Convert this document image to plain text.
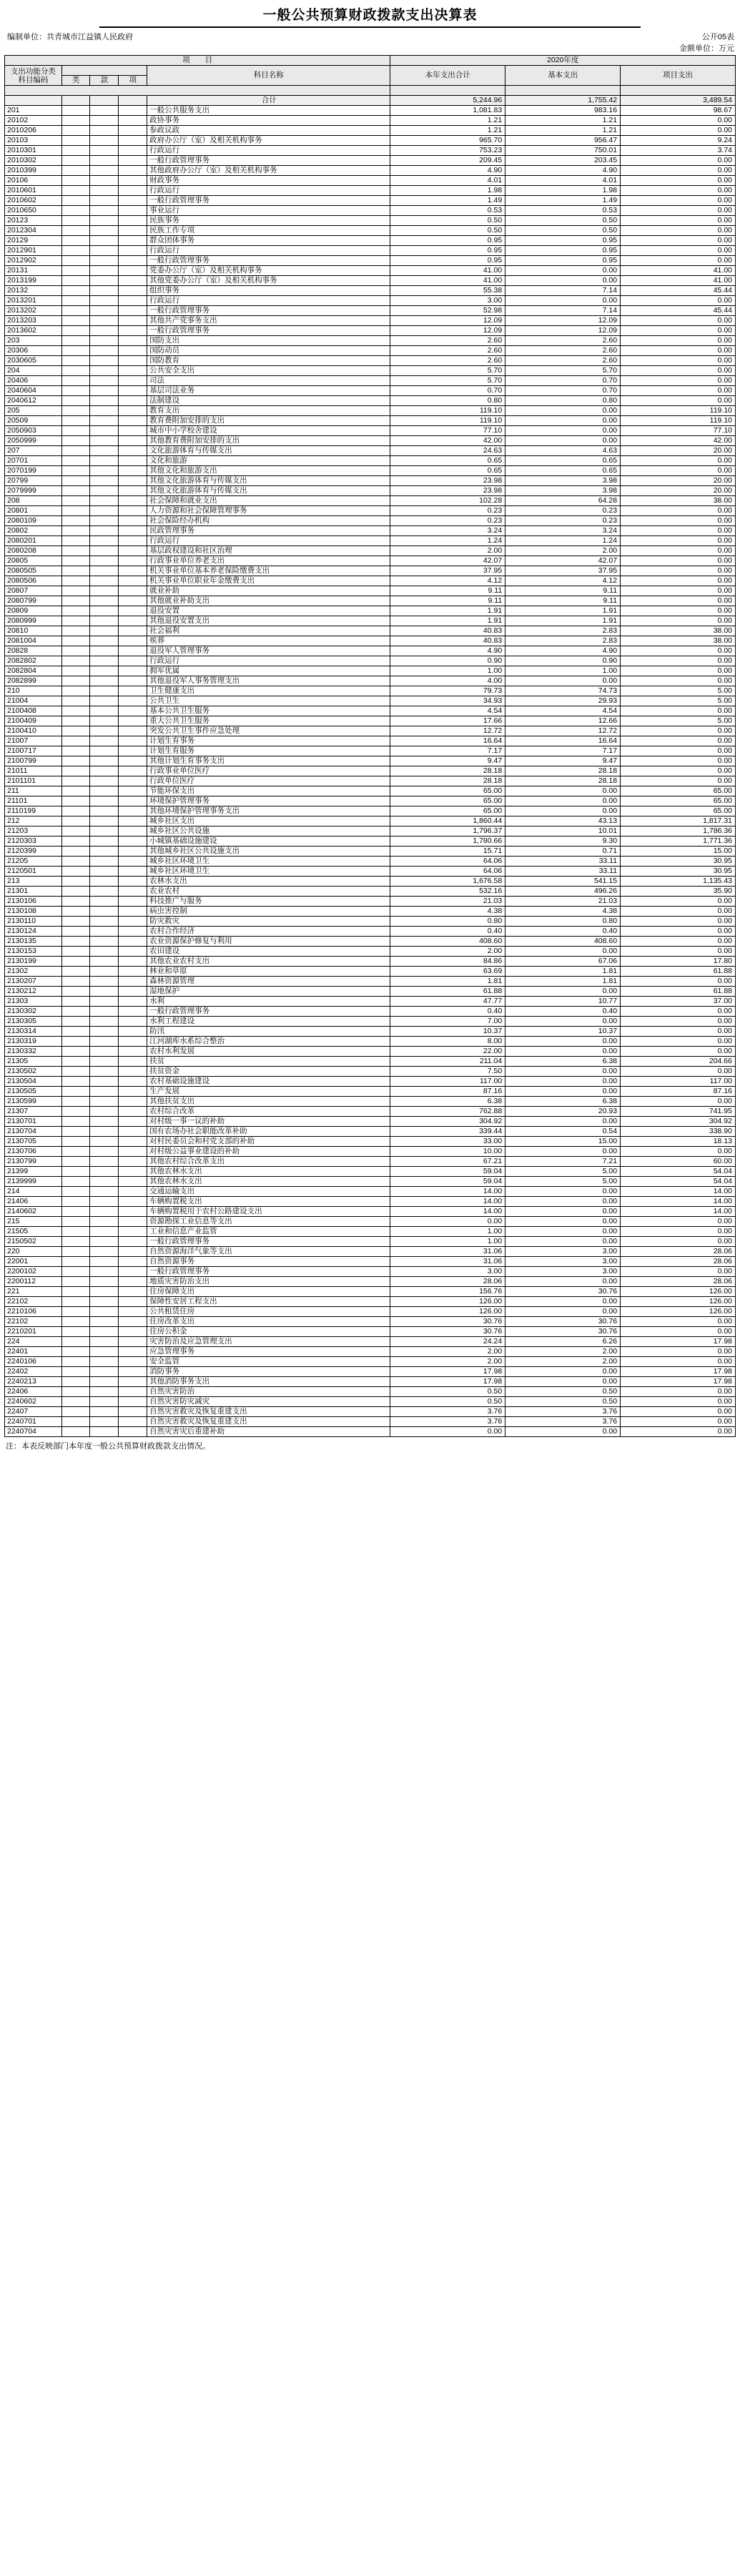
一般公共预算财政拨款支出决算表
编制单位：共青城市江益镇人民政府	公开05表
金额单位：万元
项　　目					2020年度		

支出功能分类
科目编码				科目名称	本年支出合计	基本支出	项目支出
	类	款	项				

				合计	5,244.96	1,755.42	3,489.54
201				一般公共服务支出	1,081.83	983.16	98.67
20102				政协事务	1.21	1.21	0.00
2010206				参政议政	1.21	1.21	0.00
20103				政府办公厅（室）及相关机构事务	965.70	956.47	9.24
2010301				行政运行	753.23	750.01	3.74
2010302				一般行政管理事务	209.45	203.45	0.00
2010399				其他政府办公厅（室）及相关机构事务	4.90	4.90	0.00
20106				财政事务	4.01	4.01	0.00
2010601				行政运行	1.98	1.98	0.00
2010602				一般行政管理事务	1.49	1.49	0.00
2010650				事业运行	0.53	0.53	0.00
20123				民族事务	0.50	0.50	0.00
2012304				民族工作专项	0.50	0.50	0.00
20129				群众团体事务	0.95	0.95	0.00
2012901				行政运行	0.95	0.95	0.00
2012902				一般行政管理事务	0.95	0.95	0.00
20131				党委办公厅（室）及相关机构事务	41.00	0.00	41.00
2013199				其他党委办公厅（室）及相关机构事务	41.00	0.00	41.00
20132				组织事务	55.38	7.14	45.44
2013201				行政运行	3.00	0.00	0.00
2013202				一般行政管理事务	52.98	7.14	45.44
2013203				其他共产党事务支出	12.09	12.09	0.00
2013602				一般行政管理事务	12.09	12.09	0.00
203				国防支出	2.60	2.60	0.00
20306				国防动员	2.60	2.60	0.00
2030605				国防教育	2.60	2.60	0.00
204				公共安全支出	5.70	5.70	0.00
20406				司法	5.70	0.70	0.00
2040604				基层司法业务	0.70	0.70	0.00
2040612				法制建设	0.80	0.80	0.00
205				教育支出	119.10	0.00	119.10
20509				教育费附加安排的支出	119.10	0.00	119.10
2050903				城市中小学校舍建设	77.10	0.00	77.10
2050999				其他教育费附加安排的支出	42.00	0.00	42.00
207				文化旅游体育与传媒支出	24.63	4.63	20.00
20701				文化和旅游	0.65	0.65	0.00
2070199				其他文化和旅游支出	0.65	0.65	0.00
20799				其他文化旅游体育与传媒支出	23.98	3.98	20.00
2079999				其他文化旅游体育与传媒支出	23.98	3.98	20.00
208				社会保障和就业支出	102.28	64.28	38.00
20801				人力资源和社会保障管理事务	0.23	0.23	0.00
2080109				社会保险经办机构	0.23	0.23	0.00
20802				民政管理事务	3.24	3.24	0.00
2080201				行政运行	1.24	1.24	0.00
2080208				基层政权建设和社区治理	2.00	2.00	0.00
20805				行政事业单位养老支出	42.07	42.07	0.00
2080505				机关事业单位基本养老保险缴费支出	37.95	37.95	0.00
2080506				机关事业单位职业年金缴费支出	4.12	4.12	0.00
20807				就业补助	9.11	9.11	0.00
2080799				其他就业补助支出	9.11	9.11	0.00
20809				退役安置	1.91	1.91	0.00
2080999				其他退役安置支出	1.91	1.91	0.00
20810				社会福利	40.83	2.83	38.00
2081004				殡葬	40.83	2.83	38.00
20828				退役军人管理事务	4.90	4.90	0.00
2082802				行政运行	0.90	0.90	0.00
2082804				拥军优属	1.00	1.00	0.00
2082899				其他退役军人事务管理支出	4.00	0.00	0.00
210				卫生健康支出	79.73	74.73	5.00
21004				公共卫生	34.93	29.93	5.00
2100408				基本公共卫生服务	4.54	4.54	0.00
2100409				重大公共卫生服务	17.66	12.66	5.00
2100410				突发公共卫生事件应急处理	12.72	12.72	0.00
21007				计划生育事务	16.64	16.64	0.00
2100717				计划生育服务	7.17	7.17	0.00
2100799				其他计划生育事务支出	9.47	9.47	0.00
21011				行政事业单位医疗	28.18	28.18	0.00
2101101				行政单位医疗	28.18	28.18	0.00
211				节能环保支出	65.00	0.00	65.00
21101				环境保护管理事务	65.00	0.00	65.00
2110199				其他环境保护管理事务支出	65.00	0.00	65.00
212				城乡社区支出	1,860.44	43.13	1,817.31
21203				城乡社区公共设施	1,796.37	10.01	1,786.36
2120303				小城镇基础设施建设	1,780.66	9.30	1,771.36
2120399				其他城乡社区公共设施支出	15.71	0.71	15.00
21205				城乡社区环境卫生	64.06	33.11	30.95
2120501				城乡社区环境卫生	64.06	33.11	30.95
213				农林水支出	1,676.58	541.15	1,135.43
21301				农业农村	532.16	496.26	35.90
2130106				科技推广与服务	21.03	21.03	0.00
2130108				病虫害控制	4.38	4.38	0.00
2130110				防灾救灾	0.80	0.80	0.00
2130124				农村合作经济	0.40	0.40	0.00
2130135				农业资源保护修复与利用	408.60	408.60	0.00
2130153				农田建设	2.00	0.00	0.00
2130199				其他农业农村支出	84.86	67.06	17.80
21302				林业和草原	63.69	1.81	61.88
2130207				森林资源管理	1.81	1.81	0.00
2130212				湿地保护	61.88	0.00	61.88
21303				水利	47.77	10.77	37.00
2130302				一般行政管理事务	0.40	0.40	0.00
2130305				水利工程建设	7.00	0.00	0.00
2130314				防汛	10.37	10.37	0.00
2130319				江河湖库水系综合整治	8.00	0.00	0.00
2130332				农村水利发展	22.00	0.00	0.00
21305				扶贫	211.04	6.38	204.66
2130502				扶贫资金	7.50	0.00	0.00
2130504				农村基础设施建设	117.00	0.00	117.00
2130505				生产发展	87.16	0.00	87.16
2130599				其他扶贫支出	6.38	6.38	0.00
21307				农村综合改革	762.88	20.93	741.95
2130701				对村级一事一议的补助	304.92	0.00	304.92
2130704				国有农场办社会职能改革补助	339.44	0.54	338.90
2130705				对村民委员会和村党支部的补助	33.00	15.00	18.13
2130706				对村级公益事业建设的补助	10.00	0.00	0.00
2130799				其他农村综合改革支出	67.21	7.21	60.00
21399				其他农林水支出	59.04	5.00	54.04
2139999				其他农林水支出	59.04	5.00	54.04
214				交通运输支出	14.00	0.00	14.00
21406				车辆购置税支出	14.00	0.00	14.00
2140602				车辆购置税用于农村公路建设支出	14.00	0.00	14.00
215				资源勘探工业信息等支出	0.00	0.00	0.00
21505				工业和信息产业监管	1.00	0.00	0.00
2150502				一般行政管理事务	1.00	0.00	0.00
220				自然资源海洋气象等支出	31.06	3.00	28.06
22001				自然资源事务	31.06	3.00	28.06
2200102				一般行政管理事务	3.00	3.00	0.00
2200112				地质灾害防治支出	28.06	0.00	28.06
221				住房保障支出	156.76	30.76	126.00
22102				保障性安居工程支出	126.00	0.00	126.00
2210106				公共租赁住房	126.00	0.00	126.00
22102				住房改革支出	30.76	30.76	0.00
2210201				住房公积金	30.76	30.76	0.00
224				灾害防治及应急管理支出	24.24	6.26	17.98
22401				应急管理事务	2.00	2.00	0.00
2240106				安全监管	2.00	2.00	0.00
22402				消防事务	17.98	0.00	17.98
2240213				其他消防事务支出	17.98	0.00	17.98
22406				自然灾害防治	0.50	0.50	0.00
2240602				自然灾害防灾减灾	0.50	0.50	0.00
22407				自然灾害救灾及恢复重建支出	3.76	3.76	0.00
2240701				自然灾害救灾及恢复重建支出	3.76	3.76	0.00
2240704				自然灾害灾后重建补助	0.00	0.00	0.00
注：本表反映部门本年度一般公共预算财政拨款支出情况。
